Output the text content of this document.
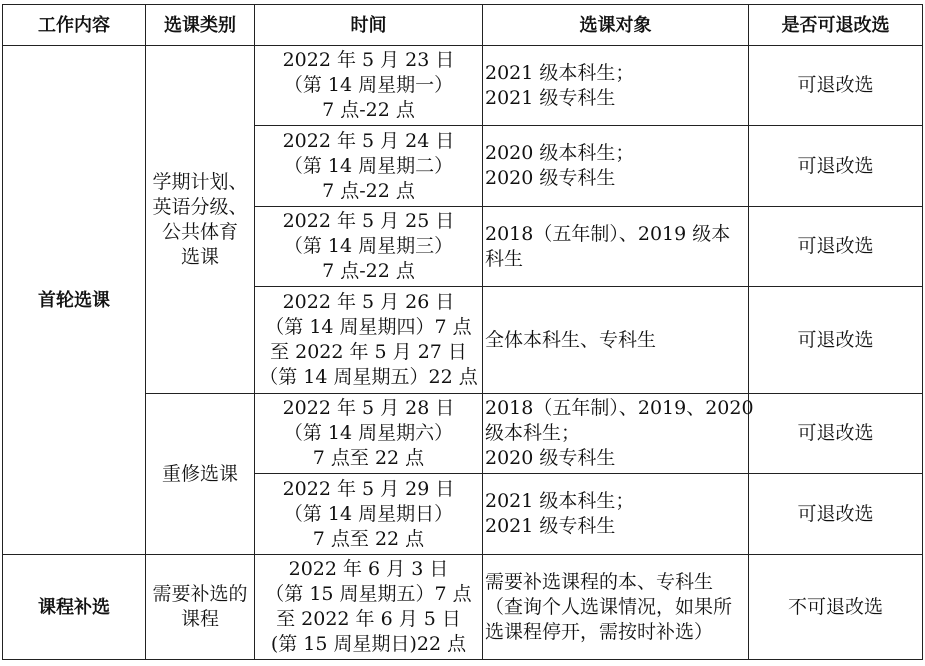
工作内容	选课类别	时间	选课对象	是否可退改选
首轮选课	学期计划、
英语分级、
公共体育
选课	2022 年 5 月 23 日
（第 14 周星期一）
7 点-22 点	2021 级本科生；
2021 级专科生	可退改选

		2022 年 5 月 24 日
（第 14 周星期二）
7 点-22 点	2020 级本科生；
2020 级专科生	可退改选

		2022 年 5 月 25 日
（第 14 周星期三）
7 点-22 点	2018（五年制）、2019 级本
科生	可退改选

		2022 年 5 月 26 日
（第 14 周星期四）7 点
至 2022 年 5 月 27 日
（第 14 周星期五）22 点	全体本科生、专科生	可退改选
	重修选课	2022 年 5 月 28 日
（第 14 周星期六）
7 点至 22 点	2018（五年制）、2019、2020
级本科生；
2020 级专科生	可退改选

		2022 年 5 月 29 日
（第 14 周星期日）
7 点至 22 点	2021 级本科生；
2021 级专科生	可退改选
课程补选	需要补选的
课程	2022 年 6 月 3 日
（第 15 周星期五）7 点
至 2022 年 6 月 5 日
(第 15 周星期日)22 点	需要补选课程的本、专科生
（查询个人选课情况，如果所
选课程停开，需按时补选）	不可退改选
